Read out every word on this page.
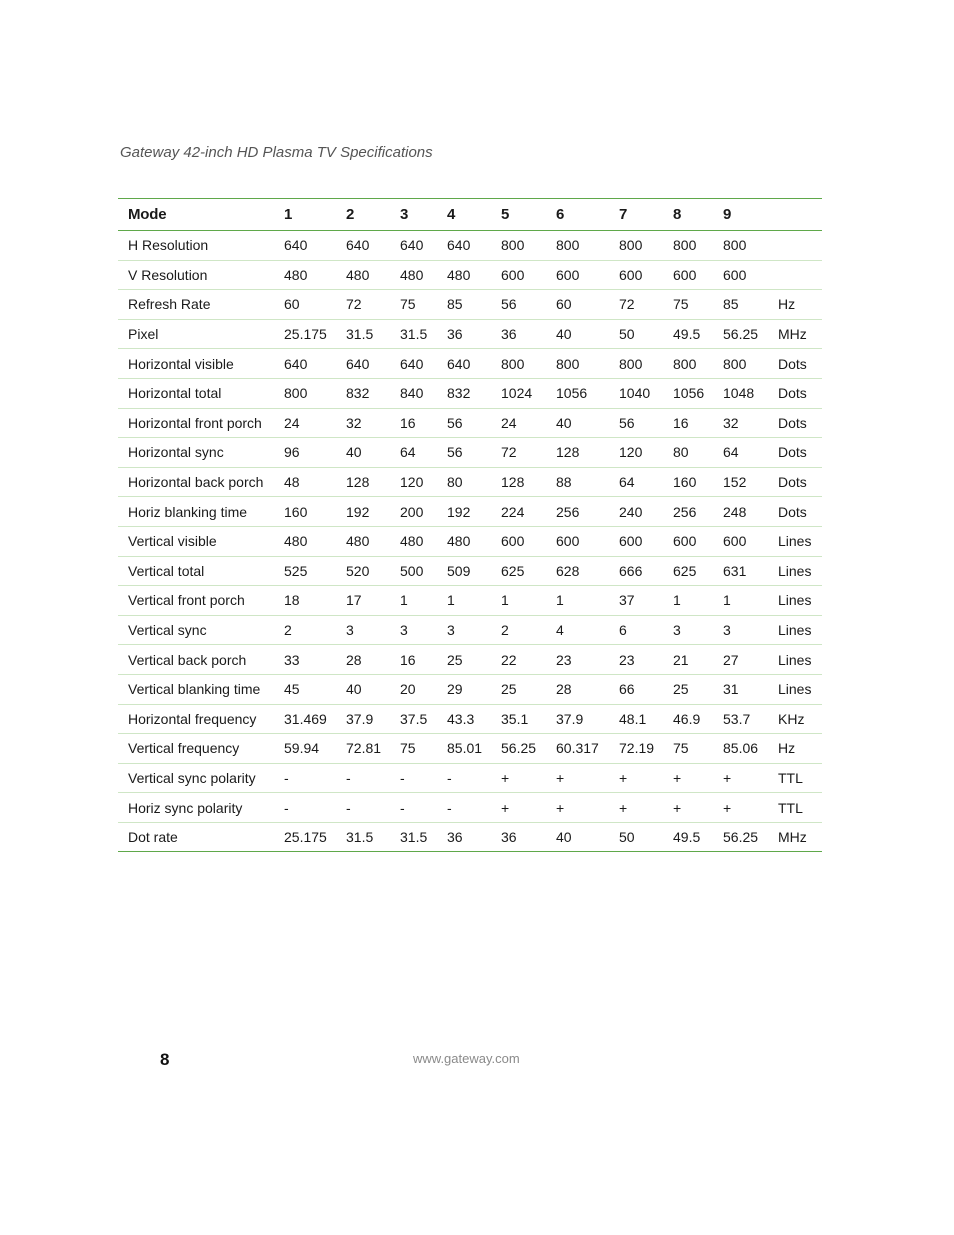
Gateway 42-inch HD Plasma TV Specifications
Mode	1	2	3	4	5	6	7	8	9	
H Resolution	640	640	640	640	800	800	800	800	800	
V Resolution	480	480	480	480	600	600	600	600	600	
Refresh Rate	60	72	75	85	56	60	72	75	85	Hz
Pixel	25.175	31.5	31.5	36	36	40	50	49.5	56.25	MHz
Horizontal visible	640	640	640	640	800	800	800	800	800	Dots
Horizontal total	800	832	840	832	1024	1056	1040	1056	1048	Dots
Horizontal front porch	24	32	16	56	24	40	56	16	32	Dots
Horizontal sync	96	40	64	56	72	128	120	80	64	Dots
Horizontal back porch	48	128	120	80	128	88	64	160	152	Dots
Horiz blanking time	160	192	200	192	224	256	240	256	248	Dots
Vertical visible	480	480	480	480	600	600	600	600	600	Lines
Vertical total	525	520	500	509	625	628	666	625	631	Lines
Vertical front porch	18	17	1	1	1	1	37	1	1	Lines
Vertical sync	2	3	3	3	2	4	6	3	3	Lines
Vertical back porch	33	28	16	25	22	23	23	21	27	Lines
Vertical blanking time	45	40	20	29	25	28	66	25	31	Lines
Horizontal frequency	31.469	37.9	37.5	43.3	35.1	37.9	48.1	46.9	53.7	KHz
Vertical frequency	59.94	72.81	75	85.01	56.25	60.317	72.19	75	85.06	Hz
Vertical sync polarity	-	-	-	-	+	+	+	+	+	TTL
Horiz sync polarity	-	-	-	-	+	+	+	+	+	TTL
Dot rate	25.175	31.5	31.5	36	36	40	50	49.5	56.25	MHz
8	www.gateway.com
